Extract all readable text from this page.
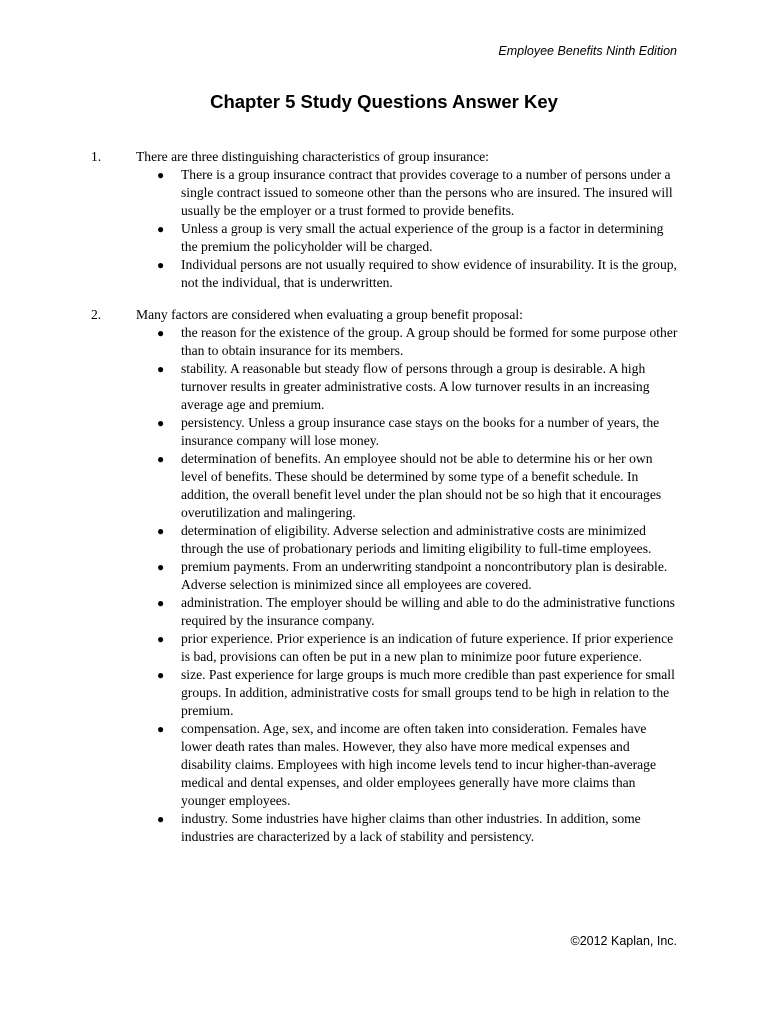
Employee Benefits Ninth Edition
Chapter 5 Study Questions Answer Key
1.	There are three distinguishing characteristics of group insurance:
● There is a group insurance contract that provides coverage to a number of persons under a single contract issued to someone other than the persons who are insured. The insured will usually be the employer or a trust formed to provide benefits.
● Unless a group is very small the actual experience of the group is a factor in determining the premium the policyholder will be charged.
● Individual persons are not usually required to show evidence of insurability. It is the group, not the individual, that is underwritten.
2.	Many factors are considered when evaluating a group benefit proposal:
● the reason for the existence of the group. A group should be formed for some purpose other than to obtain insurance for its members.
● stability. A reasonable but steady flow of persons through a group is desirable. A high turnover results in greater administrative costs. A low turnover results in an increasing average age and premium.
● persistency. Unless a group insurance case stays on the books for a number of years, the insurance company will lose money.
● determination of benefits. An employee should not be able to determine his or her own level of benefits. These should be determined by some type of a benefit schedule. In addition, the overall benefit level under the plan should not be so high that it encourages overutilization and malingering.
● determination of eligibility. Adverse selection and administrative costs are minimized through the use of probationary periods and limiting eligibility to full-time employees.
● premium payments. From an underwriting standpoint a noncontributory plan is desirable. Adverse selection is minimized since all employees are covered.
● administration. The employer should be willing and able to do the administrative functions required by the insurance company.
● prior experience. Prior experience is an indication of future experience. If prior experience is bad, provisions can often be put in a new plan to minimize poor future experience.
● size. Past experience for large groups is much more credible than past experience for small groups. In addition, administrative costs for small groups tend to be high in relation to the premium.
● compensation. Age, sex, and income are often taken into consideration. Females have lower death rates than males. However, they also have more medical expenses and disability claims. Employees with high income levels tend to incur higher-than-average medical and dental expenses, and older employees generally have more claims than younger employees.
● industry. Some industries have higher claims than other industries. In addition, some industries are characterized by a lack of stability and persistency.
©2012 Kaplan, Inc.
